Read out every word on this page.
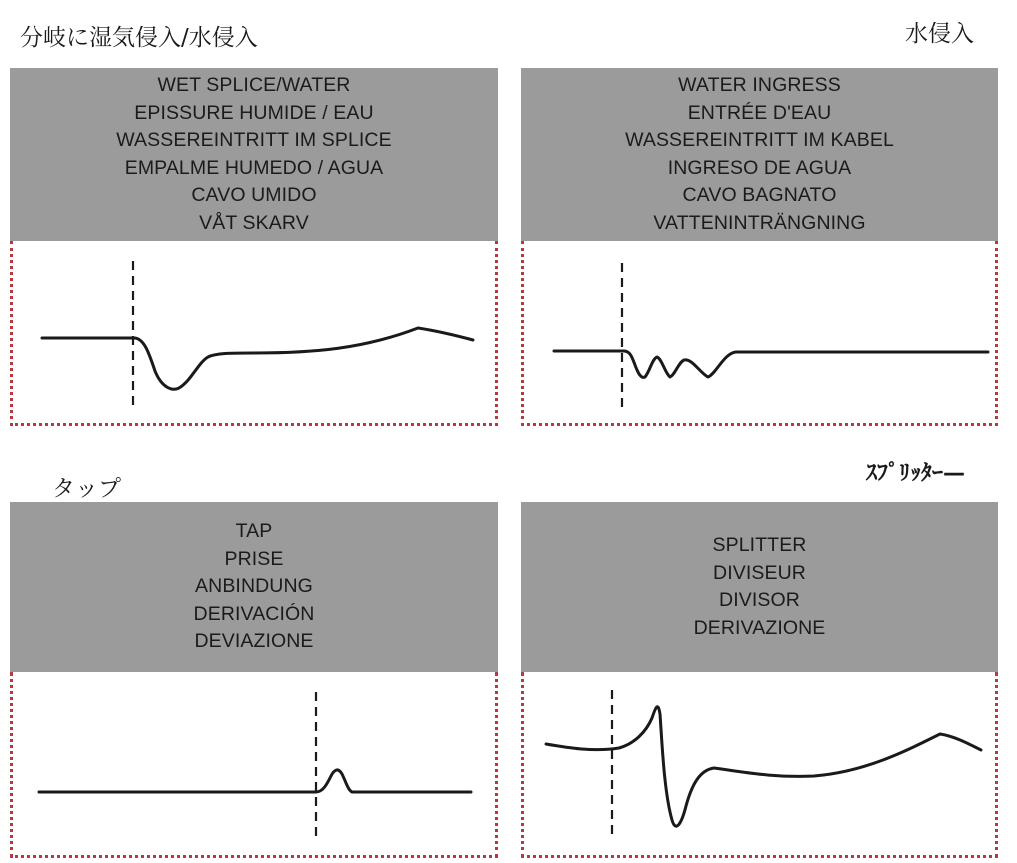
分岐に湿気侵入/水侵入	水侵入
タップ
ｽﾌﾟﾘｯﾀｰ—
WET SPLICE/WATER
EPISSURE HUMIDE / EAU
WASSEREINTRITT IM SPLICE
EMPALME HUMEDO / AGUA
CAVO UMIDO
VÅT SKARV
WATER INGRESS
ENTRÉE D'EAU
WASSEREINTRITT IM KABEL
INGRESO DE AGUA
CAVO BAGNATO
VATTENINTRÄNGNING
TAP
PRISE
ANBINDUNG
DERIVACIÓN
DEVIAZIONE
SPLITTER
DIVISEUR
DIVISOR
DERIVAZIONE
